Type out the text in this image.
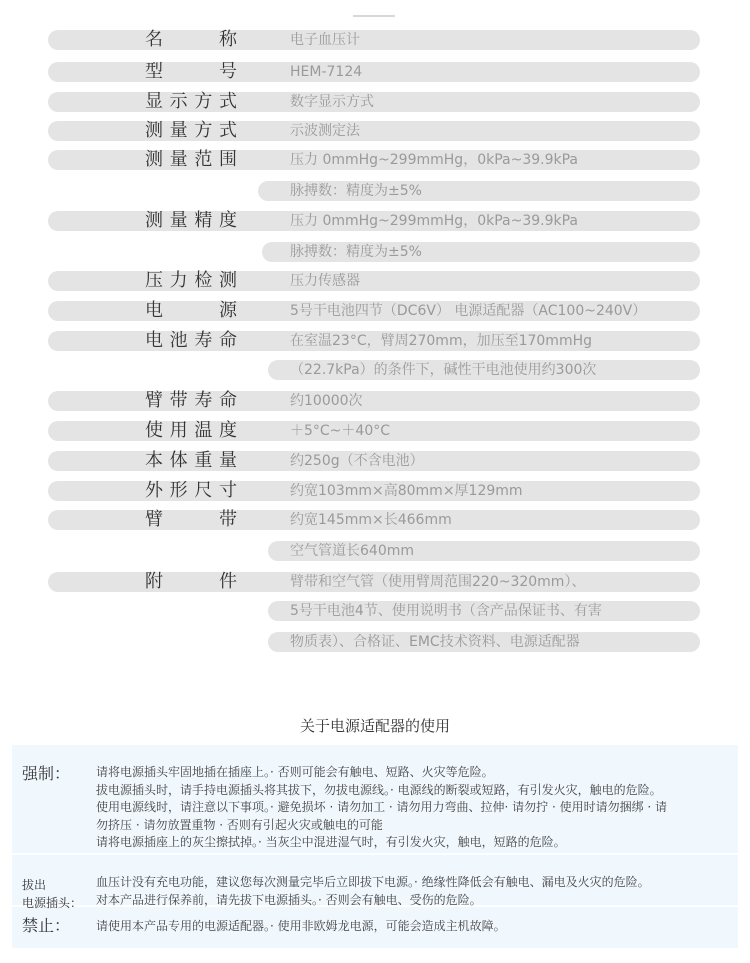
电子血压计
名称
HEM-7124
型号
数字显示方式
显示方式
示波测定法
测量方式
压力 0mmHg~299mmHg，0kPa~39.9kPa
脉搏数：精度为±5%
测量范围
压力 0mmHg~299mmHg，0kPa~39.9kPa
脉搏数：精度为±5%
测量精度
压力传感器
压力检测
5号干电池四节（DC6V） 电源适配器（AC100~240V）
电源
在室温23°C，臂周270mm，加压至170mmHg
（22.7kPa）的条件下，碱性干电池使用约300次
电池寿命
约10000次
臂带寿命
＋5°C~＋40°C
使用温度
约250g（不含电池）
本体重量
约宽103mm×高80mm×厚129mm
外形尺寸
约宽145mm×长466mm
空气管道长640mm
臂带
臂带和空气管（使用臂周范围220~320mm）、
5号干电池4节、使用说明书（含产品保证书、有害
物质表）、合格证、EMC技术资料、电源适配器
附件
关于电源适配器的使用
强制： 请将电源插头牢固地插在插座上。· 否则可能会有触电、短路、火灾等危险。
拔电源插头时，请手持电源插头将其拔下，勿拔电源线。· 电源线的断裂或短路，有引发火灾，触电的危险。
使用电源线时，请注意以下事项。· 避免损坏 · 请勿加工 · 请勿用力弯曲、拉伸· 请勿拧 · 使用时请勿捆绑 · 请
勿挤压 · 请勿放置重物 · 否则有引起火灾或触电的可能
请将电源插座上的灰尘擦拭掉。· 当灰尘中混进湿气时，有引发火灾，触电，短路的危险。
拔出
电源插头：
血压计没有充电功能，建议您每次测量完毕后立即拔下电源。· 绝缘性降低会有触电、漏电及火灾的危险。
对本产品进行保养前，请先拔下电源插头。· 否则会有触电、受伤的危险。
禁止： 请使用本产品专用的电源适配器。· 使用非欧姆龙电源，可能会造成主机故障。
